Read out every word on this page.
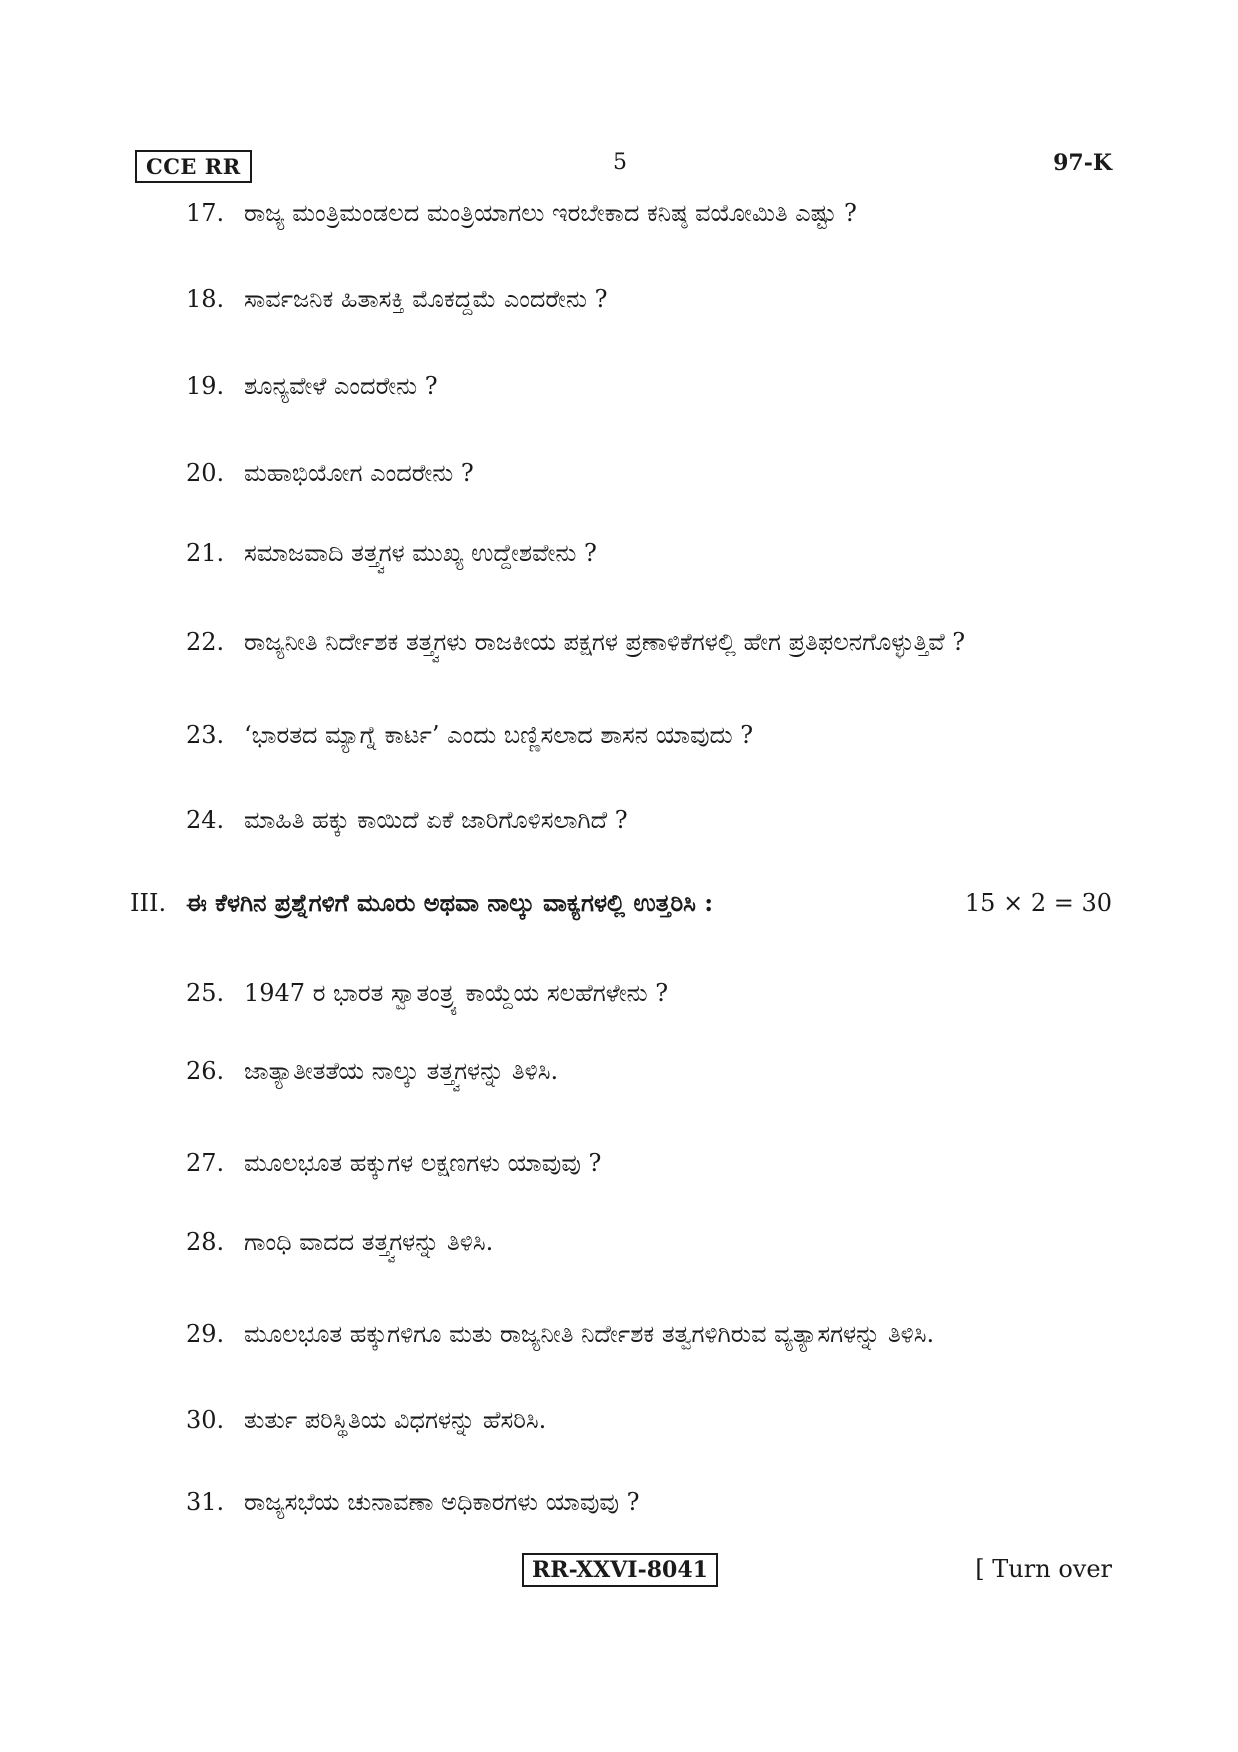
CCE RR	5	97-K
17. ರಾಜ್ಯ ಮಂತ್ರಿಮಂಡಲದ ಮಂತ್ರಿಯಾಗಲು ಇರಬೇಕಾದ ಕನಿಷ್ಠ ವಯೋಮಿತಿ ಎಷ್ಟು ?
18. ಸಾರ್ವಜನಿಕ ಹಿತಾಸಕ್ತಿ ಮೊಕದ್ದಮೆ ಎಂದರೇನು ?
19. ಶೂನ್ಯವೇಳೆ ಎಂದರೇನು ?
20. ಮಹಾಭಿಯೋಗ ಎಂದರೇನು ?
21. ಸಮಾಜವಾದಿ ತತ್ತ್ವಗಳ ಮುಖ್ಯ ಉದ್ದೇಶವೇನು ?
22. ರಾಜ್ಯನೀತಿ ನಿರ್ದೇಶಕ ತತ್ತ್ವಗಳು ರಾಜಕೀಯ ಪಕ್ಷಗಳ ಪ್ರಣಾಳಿಕೆಗಳಲ್ಲಿ ಹೇಗ ಪ್ರತಿಫಲನಗೊಳ್ಳುತ್ತಿವೆ ?
23. ‘ಭಾರತದ ಮ್ಯಾಗ್ನೆ ಕಾರ್ಟ’ ಎಂದು ಬಣ್ಣಿಸಲಾದ ಶಾಸನ ಯಾವುದು ?
24. ಮಾಹಿತಿ ಹಕ್ಕು ಕಾಯಿದೆ ಏಕೆ ಜಾರಿಗೊಳಿಸಲಾಗಿದೆ ?
III. ಈ ಕೆಳಗಿನ ಪ್ರಶ್ನೆಗಳಿಗೆ ಮೂರು ಅಥವಾ ನಾಲ್ಕು ವಾಕ್ಯಗಳಲ್ಲಿ ಉತ್ತರಿಸಿ :	15 × 2 = 30
25. 1947 ರ ಭಾರತ ಸ್ವಾತಂತ್ರ್ಯ ಕಾಯ್ದೆಯ ಸಲಹೆಗಳೇನು ?
26. ಜಾತ್ಯಾತೀತತೆಯ ನಾಲ್ಕು ತತ್ತ್ವಗಳನ್ನು ತಿಳಿಸಿ.
27. ಮೂಲಭೂತ ಹಕ್ಕುಗಳ ಲಕ್ಷಣಗಳು ಯಾವುವು ?
28. ಗಾಂಧಿ ವಾದದ ತತ್ತ್ವಗಳನ್ನು ತಿಳಿಸಿ.
29. ಮೂಲಭೂತ ಹಕ್ಕುಗಳಿಗೂ ಮತು ರಾಜ್ಯನೀತಿ ನಿರ್ದೇಶಕ ತತ್ವಗಳಿಗಿರುವ ವ್ಯತ್ಯಾಸಗಳನ್ನು ತಿಳಿಸಿ.
30. ತುರ್ತು ಪರಿಸ್ಥಿತಿಯ ವಿಧಗಳನ್ನು ಹೆಸರಿಸಿ.
31. ರಾಜ್ಯಸಭೆಯ ಚುನಾವಣಾ ಅಧಿಕಾರಗಳು ಯಾವುವು ?
RR-XXVI-8041	[ Turn over
